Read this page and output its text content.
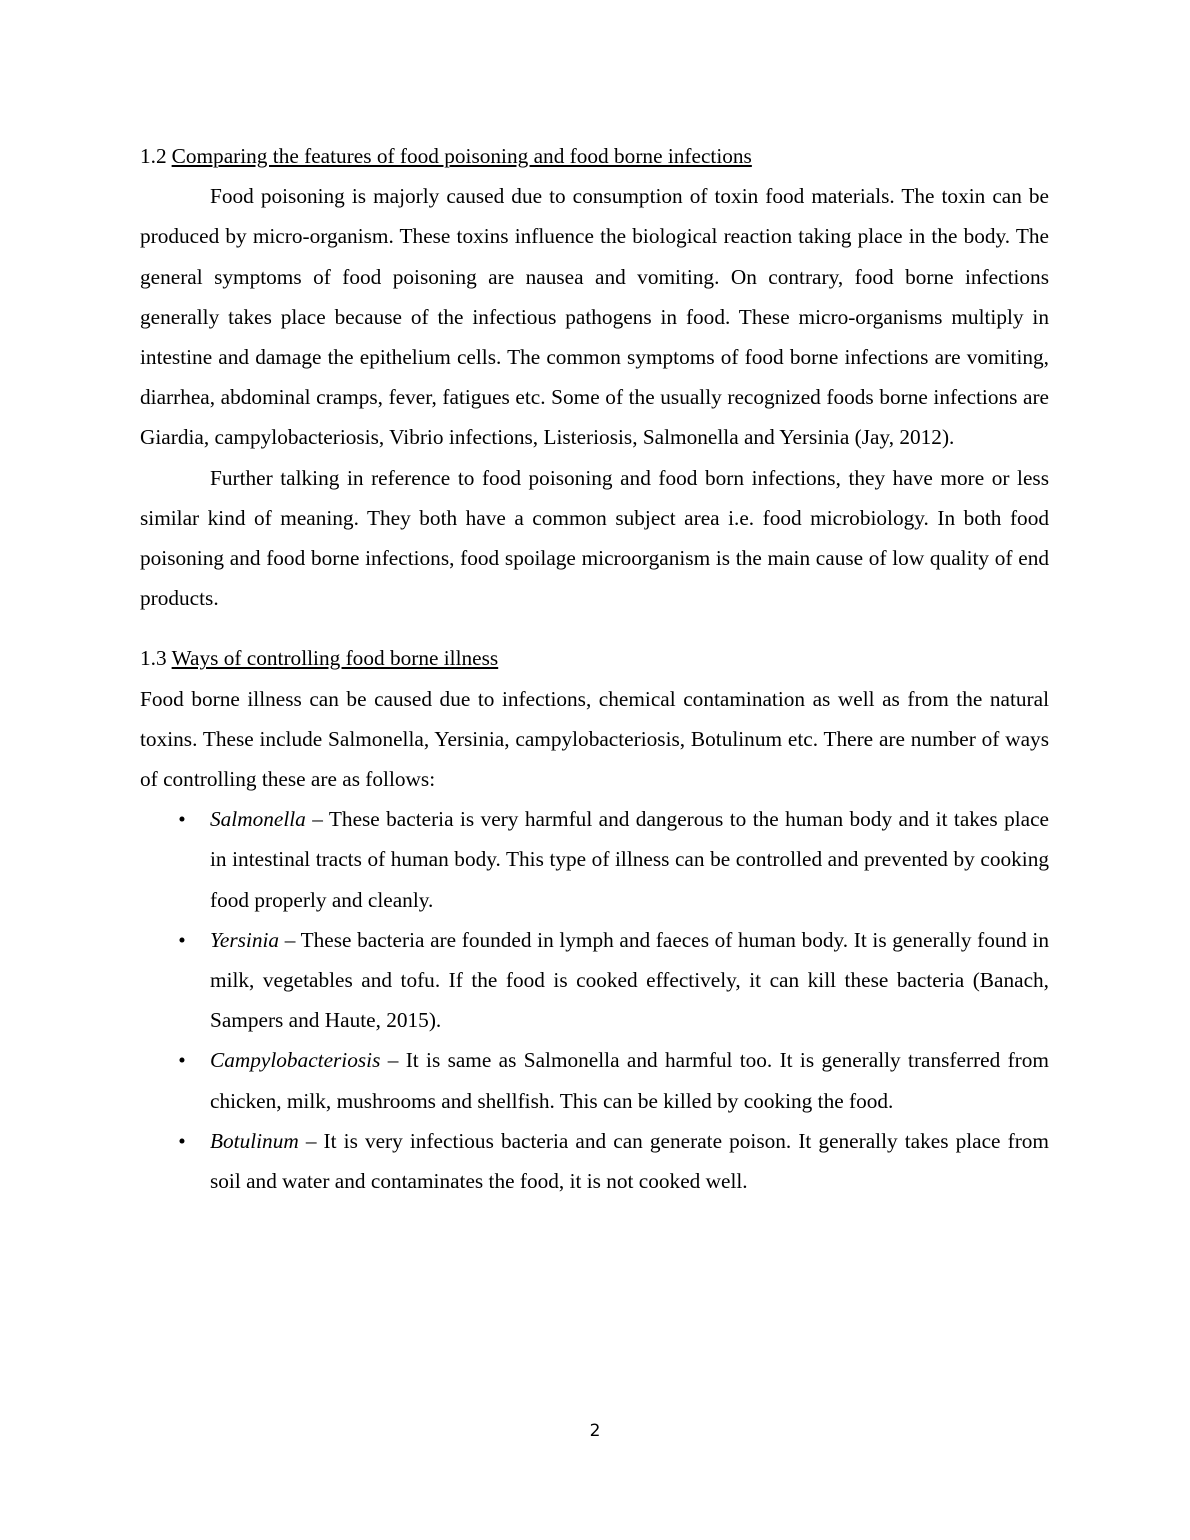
1.2 Comparing the features of food poisoning and food borne infections

Food poisoning is majorly caused due to consumption of toxin food materials. The toxin can be produced by micro-organism. These toxins influence the biological reaction taking place in the body. The general symptoms of food poisoning are nausea and vomiting. On contrary, food borne infections generally takes place because of the infectious pathogens in food. These micro-organisms multiply in intestine and damage the epithelium cells. The common symptoms of food borne infections are vomiting, diarrhea, abdominal cramps, fever, fatigues etc. Some of the usually recognized foods borne infections are Giardia, campylobacteriosis, Vibrio infections, Listeriosis, Salmonella and Yersinia (Jay, 2012).

Further talking in reference to food poisoning and food born infections, they have more or less similar kind of meaning. They both have a common subject area i.e. food microbiology. In both food poisoning and food borne infections, food spoilage microorganism is the main cause of low quality of end products.

1.3 Ways of controlling food borne illness

Food borne illness can be caused due to infections, chemical contamination as well as from the natural toxins. These include Salmonella, Yersinia, campylobacteriosis, Botulinum etc. There are number of ways of controlling these are as follows:

• Salmonella – These bacteria is very harmful and dangerous to the human body and it takes place in intestinal tracts of human body. This type of illness can be controlled and prevented by cooking food properly and cleanly.
• Yersinia – These bacteria are founded in lymph and faeces of human body. It is generally found in milk, vegetables and tofu. If the food is cooked effectively, it can kill these bacteria (Banach, Sampers and Haute, 2015).
• Campylobacteriosis – It is same as Salmonella and harmful too. It is generally transferred from chicken, milk, mushrooms and shellfish. This can be killed by cooking the food.
• Botulinum – It is very infectious bacteria and can generate poison. It generally takes place from soil and water and contaminates the food, it is not cooked well.
2
